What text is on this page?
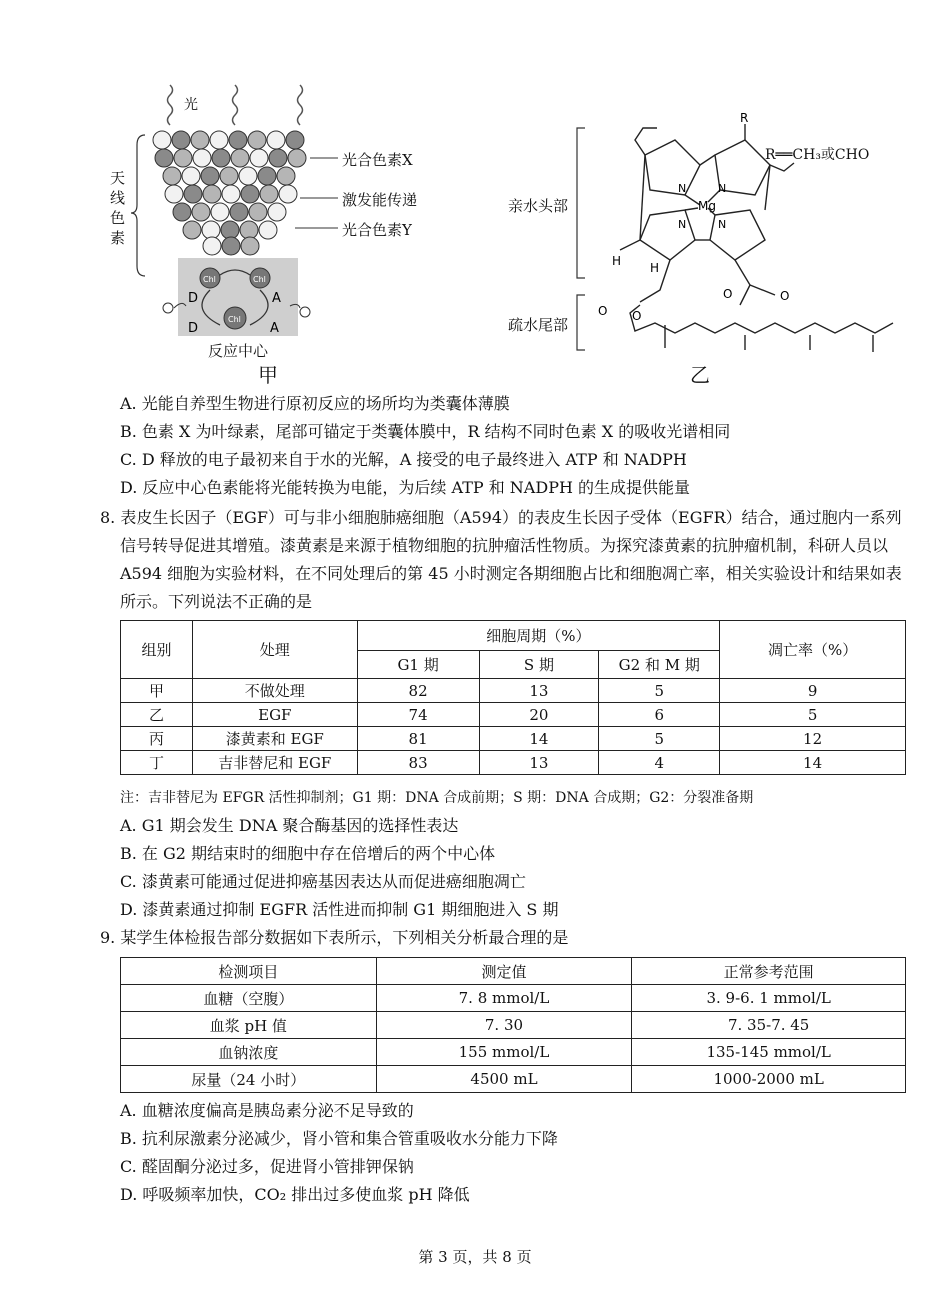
Chl	Chl
Chl
D
D
A
A
光
天
线
色
素
光合色素X
激发能传递
光合色素Y
反应中心
甲
Mg
N	N
N
N
R
H H
O	O
O O
R══CH₃或CHO
亲水头部
疏水尾部
乙
A. 光能自养型生物进行原初反应的场所均为类囊体薄膜
B. 色素 X 为叶绿素，尾部可锚定于类囊体膜中，R 结构不同时色素 X 的吸收光谱相同
C. D 释放的电子最初来自于水的光解，A 接受的电子最终进入 ATP 和 NADPH
D. 反应中心色素能将光能转换为电能，为后续 ATP 和 NADPH 的生成提供能量
8. 表皮生长因子（EGF）可与非小细胞肺癌细胞（A594）的表皮生长因子受体（EGFR）结合，通过胞内一系列信号转导促进其增殖。漆黄素是来源于植物细胞的抗肿瘤活性物质。为探究漆黄素的抗肿瘤机制，科研人员以 A594 细胞为实验材料，在不同处理后的第 45 小时测定各期细胞占比和细胞凋亡率，相关实验设计和结果如表所示。下列说法不正确的是
组别	处理	细胞周期（%）			凋亡率（%）
		G1 期	S 期	G2 和 M 期	
甲	不做处理	82	13	5	9
乙	EGF	74	20	6	5
丙	漆黄素和 EGF	81	14	5	12
丁	吉非替尼和 EGF	83	13	4	14
注：吉非替尼为 EFGR 活性抑制剂；G1 期：DNA 合成前期；S 期：DNA 合成期；G2：分裂准备期
A. G1 期会发生 DNA 聚合酶基因的选择性表达
B. 在 G2 期结束时的细胞中存在倍增后的两个中心体
C. 漆黄素可能通过促进抑癌基因表达从而促进癌细胞凋亡
D. 漆黄素通过抑制 EGFR 活性进而抑制 G1 期细胞进入 S 期
9. 某学生体检报告部分数据如下表所示，下列相关分析最合理的是
检测项目	测定值	正常参考范围
血糖（空腹）	7. 8 mmol/L	3. 9-6. 1 mmol/L
血浆 pH 值	7. 30	7. 35-7. 45
血钠浓度	155 mmol/L	135-145 mmol/L
尿量（24 小时）	4500 mL	1000-2000 mL
A. 血糖浓度偏高是胰岛素分泌不足导致的
B. 抗利尿激素分泌减少，肾小管和集合管重吸收水分能力下降
C. 醛固酮分泌过多，促进肾小管排钾保钠
D. 呼吸频率加快，CO₂ 排出过多使血浆 pH 降低
第 3 页，共 8 页
